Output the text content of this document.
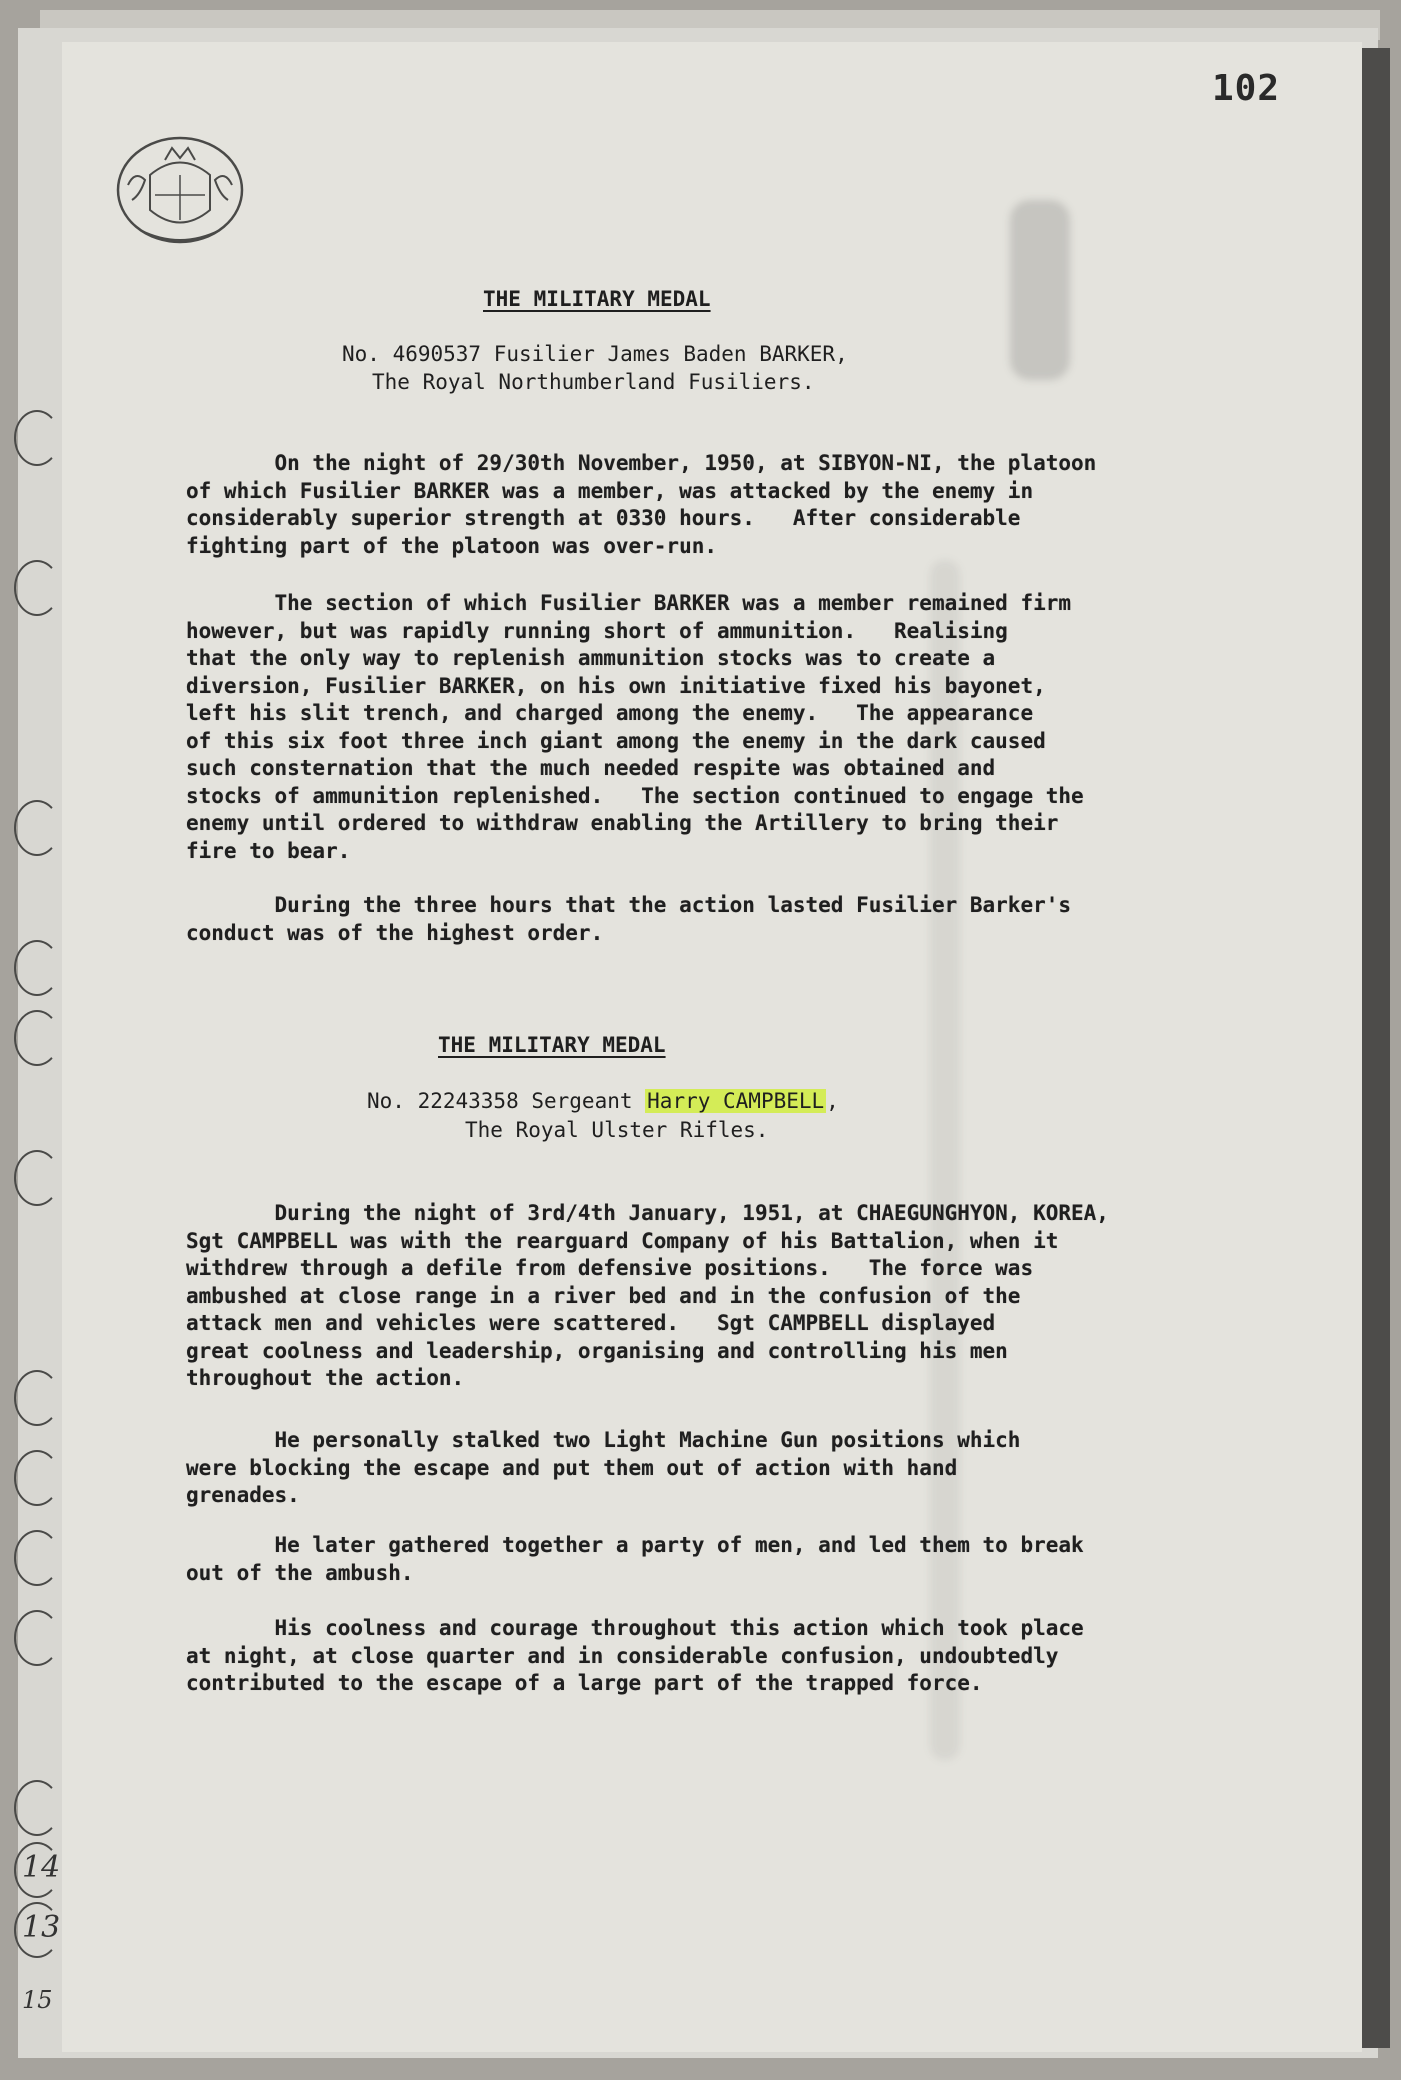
14
13
15
102
THE MILITARY MEDAL
No. 4690537 Fusilier James Baden BARKER,
The Royal Northumberland Fusiliers.
On the night of 29/30th November, 1950, at SIBYON-NI, the platoon
of which Fusilier BARKER was a member, was attacked by the enemy in
considerably superior strength at 0330 hours.   After considerable
fighting part of the platoon was over-run.
The section of which Fusilier BARKER was a member remained firm
however, but was rapidly running short of ammunition.   Realising
that the only way to replenish ammunition stocks was to create a
diversion, Fusilier BARKER, on his own initiative fixed his bayonet,
left his slit trench, and charged among the enemy.   The appearance
of this six foot three inch giant among the enemy in the dark caused
such consternation that the much needed respite was obtained and
stocks of ammunition replenished.   The section continued to engage the
enemy until ordered to withdraw enabling the Artillery to bring their
fire to bear.
During the three hours that the action lasted Fusilier Barker's
conduct was of the highest order.
THE MILITARY MEDAL
No. 22243358 Sergeant Harry CAMPBELL,
The Royal Ulster Rifles.
During the night of 3rd/4th January, 1951, at CHAEGUNGHYON, KOREA,
Sgt CAMPBELL was with the rearguard Company of his Battalion, when it
withdrew through a defile from defensive positions.   The force was
ambushed at close range in a river bed and in the confusion of the
attack men and vehicles were scattered.   Sgt CAMPBELL displayed
great coolness and leadership, organising and controlling his men
throughout the action.
He personally stalked two Light Machine Gun positions which
were blocking the escape and put them out of action with hand
grenades.
He later gathered together a party of men, and led them to break
out of the ambush.
His coolness and courage throughout this action which took place
at night, at close quarter and in considerable confusion, undoubtedly
contributed to the escape of a large part of the trapped force.
